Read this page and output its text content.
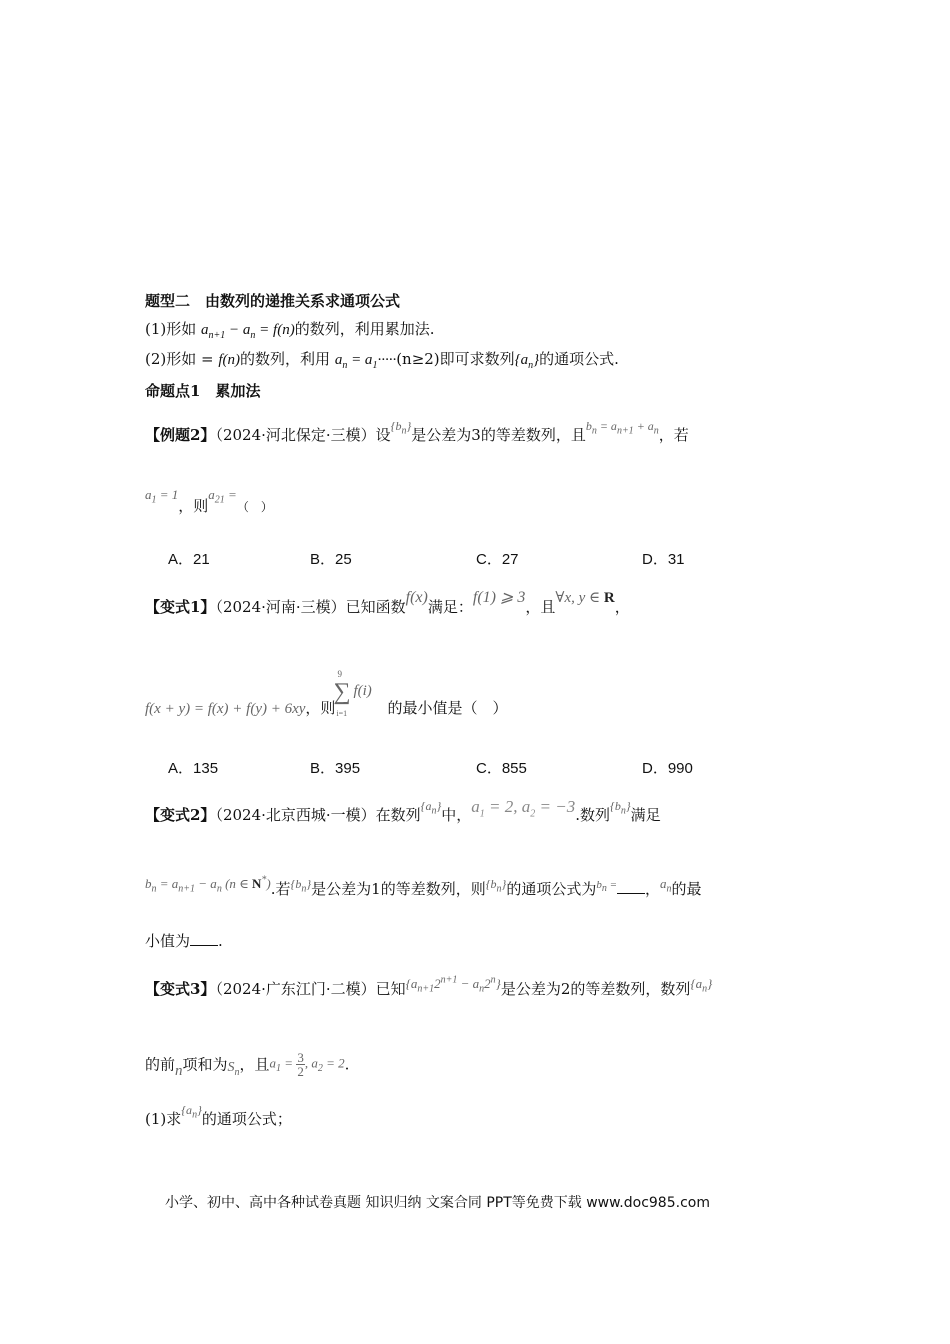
题型二　由数列的递推关系求通项公式
(1)形如 $a_{n+1} - a_n = f(n)$的数列，利用累加法.
(2)形如 = f(n)的数列，利用 $a_n = a_1\cdot\cdot\cdot\cdot\cdot(n\ge 2)$即可求数列$\{a_n\}$的通项公式.
命题点1　累加法
【例题2】（2024·河北保定·三模）设$^{\{b_n\}}$是公差为3的等差数列，且$^{b_n = a_{n+1} + a_n}$，若
$a_1 = 1$，则$a_{21}$ =（　）
A．21	B．25	C．27	D．31
【变式1】（2024·河南·三模）已知函数f(x)满足：f(1) ⩾ 3，且∀x, y ∈ R，
f(x + y) = f(x) + f(y) + 6xy，则
9
∑
i=1
f(i)
的最小值是（　）
A．135	B．395	C．855	D．990
【变式2】（2024·北京西城·一模）在数列$^{\{a_n\}}$中，$a_1 = 2$, $a_2 = -3$.数列$^{\{b_n\}}$满足
$b_n = a_{n+1} - a_n$ (n ∈ N*).若$^{\{b_n\}}$是公差为1的等差数列，则$^{\{b_n\}}$的通项公式为$^{b_n =}$ ，$a_n$的最
小值为 .
【变式3】（2024·广东江门·二模）已知$\{a_{n+1}2^{n+1} - a_n2^n\}$是公差为2的等差数列，数列$\{a_n\}$
的前n项和为$S_n$，且$a_1 = \frac{3}{2}$ , $a_2 = 2$.
(1)求$^{\{a_n\}}$的通项公式；
小学、初中、高中各种试卷真题 知识归纳 文案合同 PPT等免费下载 www.doc985.com
